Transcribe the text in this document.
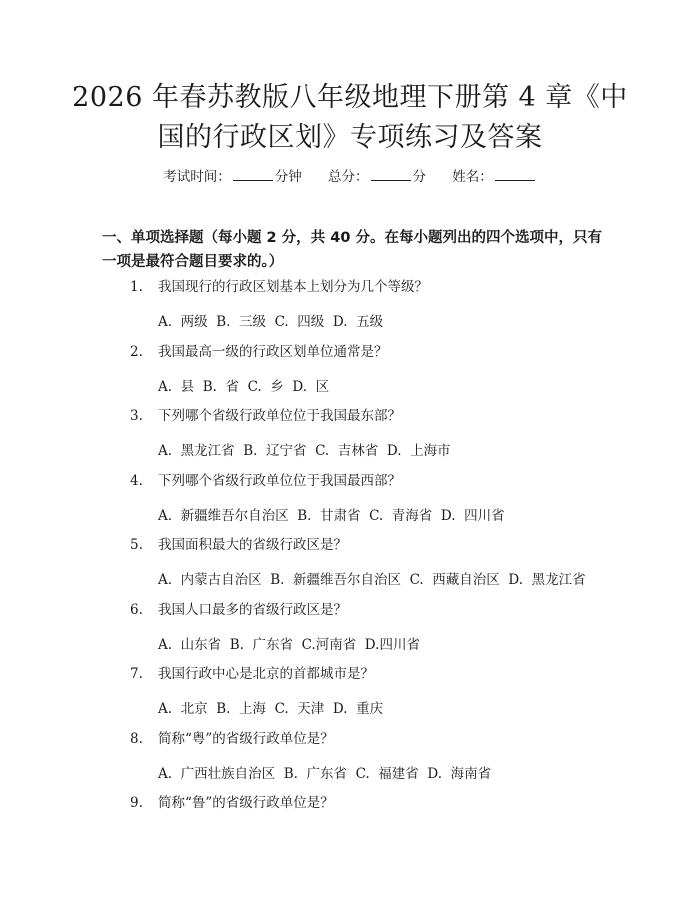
2026 年春苏教版八年级地理下册第 4 章《中
国的行政区划》专项练习及答案
考试时间：	分钟 总分：	分 姓名：
一、单项选择题（每小题 2 分，共 40 分。在每小题列出的四个选项中，只有一项是最符合题目要求的。）
1. 我国现行的行政区划基本上划分为几个等级？
A.  两级  B.  三级  C.  四级  D.  五级
2. 我国最高一级的行政区划单位通常是？
A.  县  B.  省  C.  乡  D.  区
3. 下列哪个省级行政单位位于我国最东部？
A.  黑龙江省  B.  辽宁省  C.  吉林省  D.  上海市
4. 下列哪个省级行政单位位于我国最西部？
A.  新疆维吾尔自治区  B.  甘肃省  C.  青海省  D.  四川省
5. 我国面积最大的省级行政区是？
A.  内蒙古自治区  B.  新疆维吾尔自治区  C.  西藏自治区  D.  黑龙江省
6. 我国人口最多的省级行政区是？
A.  山东省  B.  广东省  C.河南省  D.四川省
7. 我国行政中心是北京的首都城市是？
A.  北京  B.  上海  C.  天津  D.  重庆
8. 简称“粤”的省级行政单位是？
A.  广西壮族自治区  B.  广东省  C.  福建省  D.  海南省
9. 简称“鲁”的省级行政单位是？
